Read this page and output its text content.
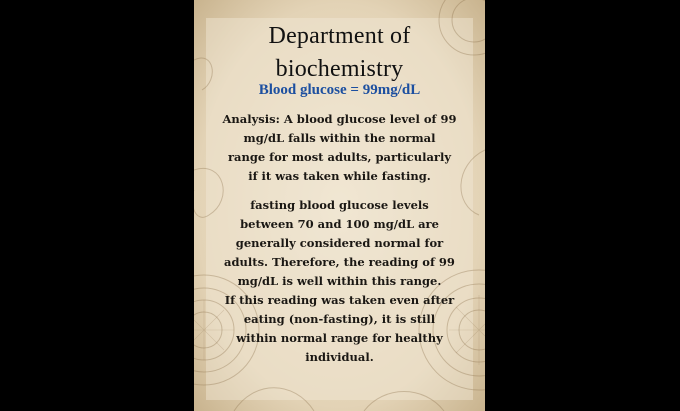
Department of
biochemistry
Blood glucose = 99mg/dL

Analysis: A blood glucose level of 99
mg/dL falls within the normal
range for most adults, particularly
if it was taken while fasting.

fasting blood glucose levels
between 70 and 100 mg/dL are
generally considered normal for
adults. Therefore, the reading of 99
mg/dL is well within this range.
If this reading was taken even after
eating (non-fasting), it is still
within normal range for healthy
individual.
